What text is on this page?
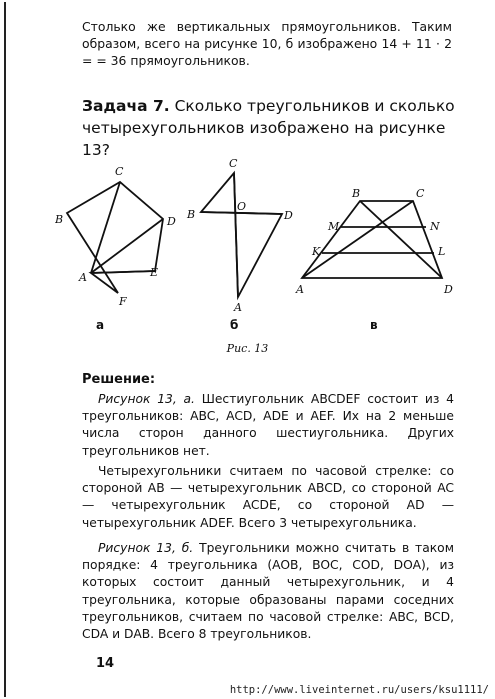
Столько же вертикальных прямоугольников. Таким образом, всего на рисунке 10, б изображено 14 + 11 · 2 = = 36 прямоугольников.
Задача 7. Сколько треугольников и сколько четырехугольников изображено на рисунке 13?
C
B	D
A	E
F
C
B
O
D
A
B	C
M	N
K	L
A	D
а	б	в
Рис. 13
Решение:
Рисунок 13, а. Шестиугольник ABCDEF состоит из 4 треугольников: ABC, ACD, ADE и AEF. Их на 2 меньше числа сторон данного шестиугольника. Других треугольников нет.
Четырехугольники считаем по часовой стрелке: со стороной AB — четырехугольник ABCD, со стороной AC — четырехугольник ACDE, со стороной AD — четырехугольник ADEF. Всего 3 четырехугольника.
Рисунок 13, б. Треугольники можно считать в таком порядке: 4 треугольника (AOB, BOC, COD, DOA), из которых состоит данный четырехугольник, и 4 треугольника, которые образованы парами соседних треугольников, считаем по часовой стрелке: ABC, BCD, CDA и DAB. Всего 8 треугольников.
14
http://www.liveinternet.ru/users/ksu1111/
